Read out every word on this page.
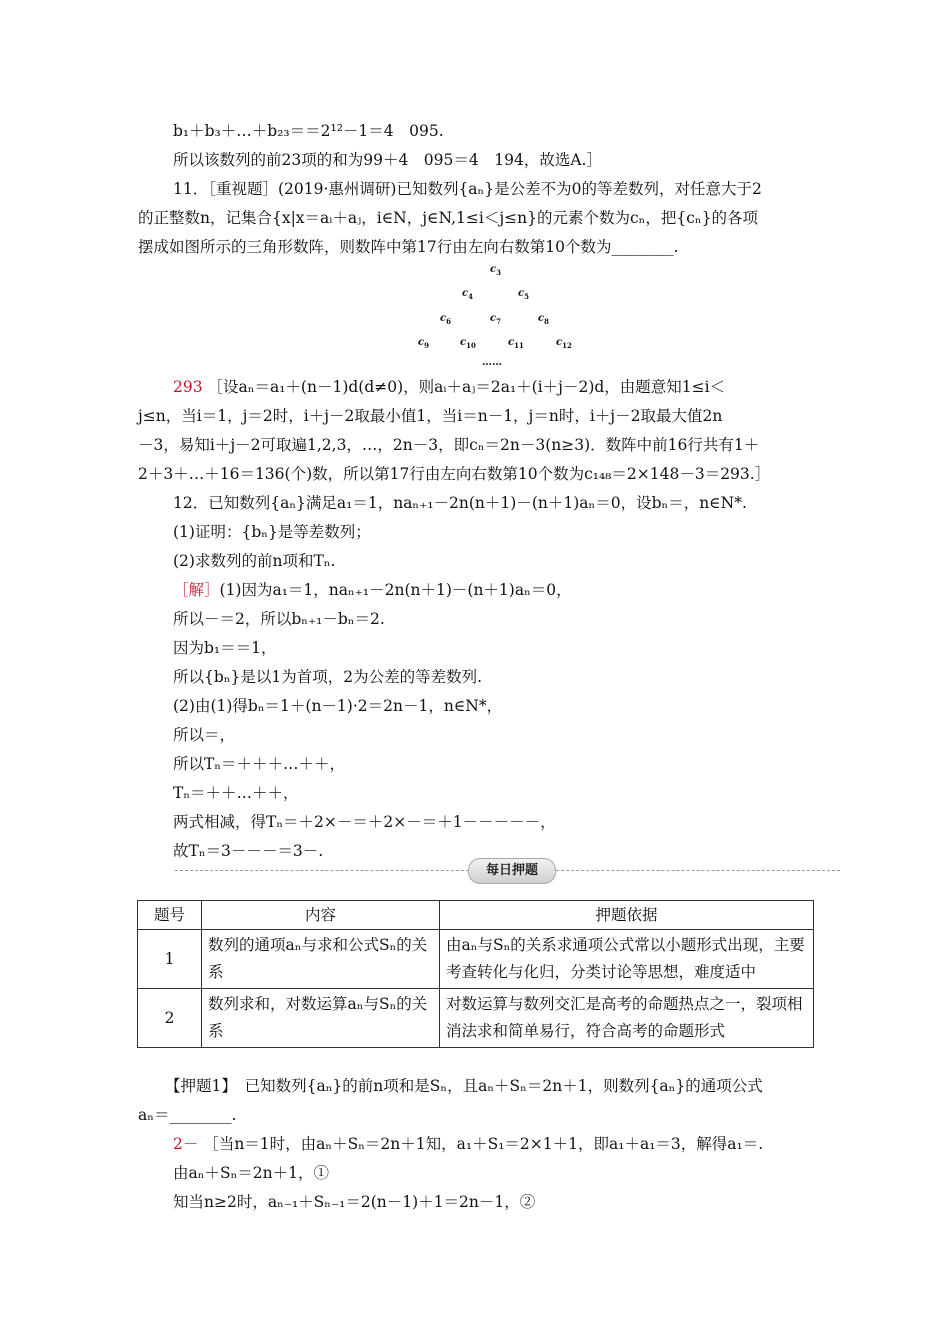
b₁＋b₃＋…＋b₂₃＝＝2¹²－1＝4　095.
所以该数列的前23项的和为99＋4　095＝4　194，故选A.］
11．［重视题］(2019·惠州调研)已知数列{aₙ}是公差不为0的等差数列，对任意大于2
的正整数n，记集合{x|x＝aᵢ＋aⱼ，i∈N，j∈N,1≤i＜j≤n}的元素个数为cₙ，把{cₙ}的各项
摆成如图所示的三角形数阵，则数阵中第17行由左向右数第10个数为________.
$c_3$
$c_4$	$c_5$
$c_6$	$c_7$	$c_8$
$c_9$	$c_{10}$	$c_{11}$	$c_{12}$
……
293 ［设aₙ＝a₁＋(n－1)d(d≠0)，则aᵢ＋aⱼ＝2a₁＋(i＋j－2)d，由题意知1≤i＜
j≤n，当i＝1，j＝2时，i＋j－2取最小值1，当i＝n－1，j＝n时，i＋j－2取最大值2n
－3，易知i＋j－2可取遍1,2,3，…，2n－3，即cₙ＝2n－3(n≥3)．数阵中前16行共有1＋
2＋3＋…＋16＝136(个)数，所以第17行由左向右数第10个数为c₁₄₈＝2×148－3＝293.］
12．已知数列{aₙ}满足a₁＝1，naₙ₊₁－2n(n＋1)－(n＋1)aₙ＝0，设bₙ＝，n∈N*.
(1)证明：{bₙ}是等差数列；
(2)求数列的前n项和Tₙ.
［解］(1)因为a₁＝1，naₙ₊₁－2n(n＋1)－(n＋1)aₙ＝0，
所以－＝2，所以bₙ₊₁－bₙ＝2.
因为b₁＝＝1，
所以{bₙ}是以1为首项，2为公差的等差数列.
(2)由(1)得bₙ＝1＋(n－1)·2＝2n－1，n∈N*，
所以＝，
所以Tₙ＝＋＋＋…＋＋，
Tₙ＝＋＋…＋＋，
两式相减，得Tₙ＝＋2×－＝＋2×－＝＋1－－－－－，
故Tₙ＝3－－－＝3－.
每日押题
题号	内容	押题依据
1	数列的通项aₙ与求和公式Sₙ的关系	由aₙ与Sₙ的关系求通项公式常以小题形式出现，主要考查转化与化归，分类讨论等思想，难度适中
2	数列求和，对数运算aₙ与Sₙ的关系	对数运算与数列交汇是高考的命题热点之一，裂项相消法求和简单易行，符合高考的命题形式
【押题1】　已知数列{aₙ}的前n项和是Sₙ，且aₙ＋Sₙ＝2n＋1，则数列{aₙ}的通项公式
aₙ＝________.
2－ ［当n＝1时，由aₙ＋Sₙ＝2n＋1知，a₁＋S₁＝2×1＋1，即a₁＋a₁＝3，解得a₁＝.
由aₙ＋Sₙ＝2n＋1，①
知当n≥2时，aₙ₋₁＋Sₙ₋₁＝2(n－1)＋1＝2n－1，②
